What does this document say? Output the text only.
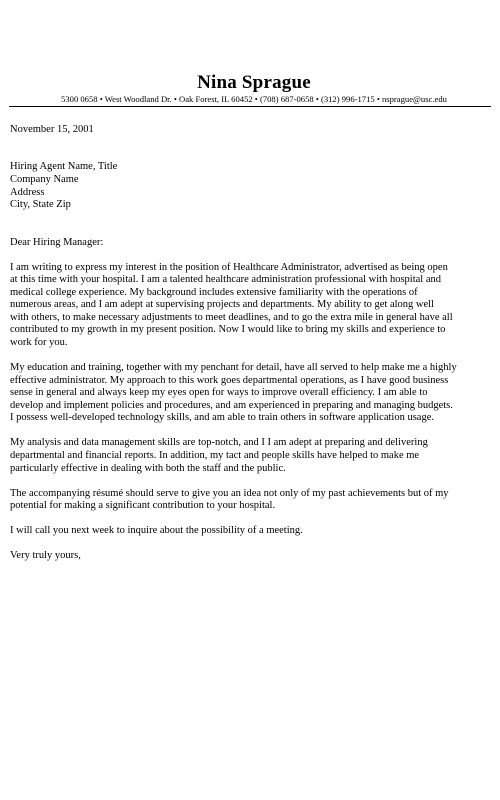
Nina Sprague
5300 0658 • West Woodland Dr. • Oak Forest, IL 60452 • (708) 687-0658 • (312) 996-1715 • nsprague@usc.edu
November 15, 2001
Hiring Agent Name, Title
Company Name
Address
City, State Zip
Dear Hiring Manager:
I am writing to express my interest in the position of Healthcare Administrator, advertised as being open
at this time with your hospital. I am a talented healthcare administration professional with hospital and
medical college experience. My background includes extensive familiarity with the operations of
numerous areas, and I am adept at supervising projects and departments. My ability to get along well
with others, to make necessary adjustments to meet deadlines, and to go the extra mile in general have all
contributed to my growth in my present position. Now I would like to bring my skills and experience to
work for you.
My education and training, together with my penchant for detail, have all served to help make me a highly
effective administrator. My approach to this work goes departmental operations, as I have good business
sense in general and always keep my eyes open for ways to improve overall efficiency. I am able to
develop and implement policies and procedures, and am experienced in preparing and managing budgets.
I possess well-developed technology skills, and am able to train others in software application usage.
My analysis and data management skills are top-notch, and I I am adept at preparing and delivering
departmental and financial reports. In addition, my tact and people skills have helped to make me
particularly effective in dealing with both the staff and the public.
The accompanying résumé should serve to give you an idea not only of my past achievements but of my
potential for making a significant contribution to your hospital.
I will call you next week to inquire about the possibility of a meeting.
Very truly yours,
